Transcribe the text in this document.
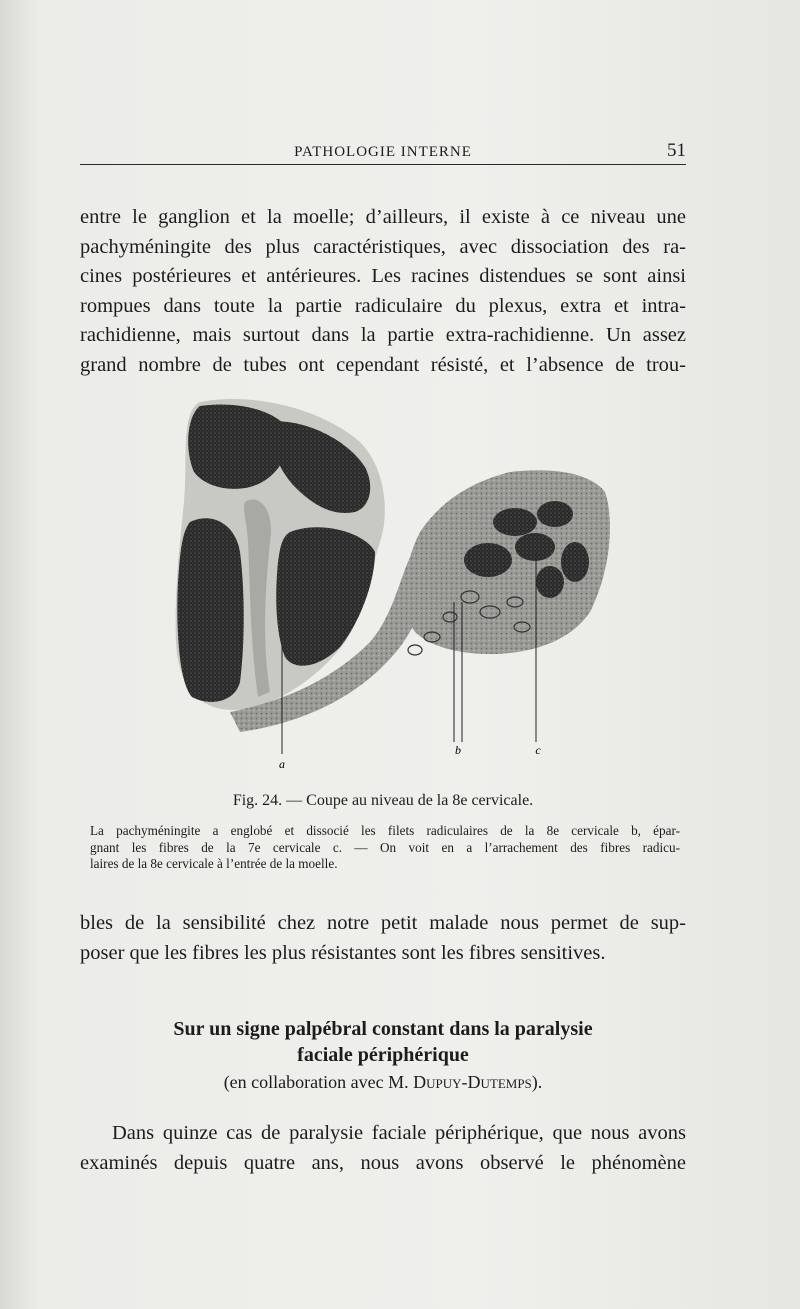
PATHOLOGIE INTERNE	51

entre le ganglion et la moelle; d’ailleurs, il existe à ce niveau une
pachyméningite des plus caractéristiques, avec dissociation des ra-
cines postérieures et antérieures. Les racines distendues se sont ainsi
rompues dans toute la partie radiculaire du plexus, extra et intra-
rachidienne, mais surtout dans la partie extra-rachidienne. Un assez
grand nombre de tubes ont cependant résisté, et l’absence de trou-

a
b	c
Fig. 24. — Coupe au niveau de la 8e cervicale.

La pachyméningite a englobé et dissocié les filets radiculaires de la 8e cervicale b, épar-
gnant les fibres de la 7e cervicale c. — On voit en a l’arrachement des fibres radicu-
laires de la 8e cervicale à l’entrée de la moelle.

bles de la sensibilité chez notre petit malade nous permet de sup-
poser que les fibres les plus résistantes sont les fibres sensitives.

Sur un signe palpébral constant dans la paralysie
faciale périphérique
(en collaboration avec M. Dupuy-Dutemps).

Dans quinze cas de paralysie faciale périphérique, que nous avons
examinés depuis quatre ans, nous avons observé le phénomène
